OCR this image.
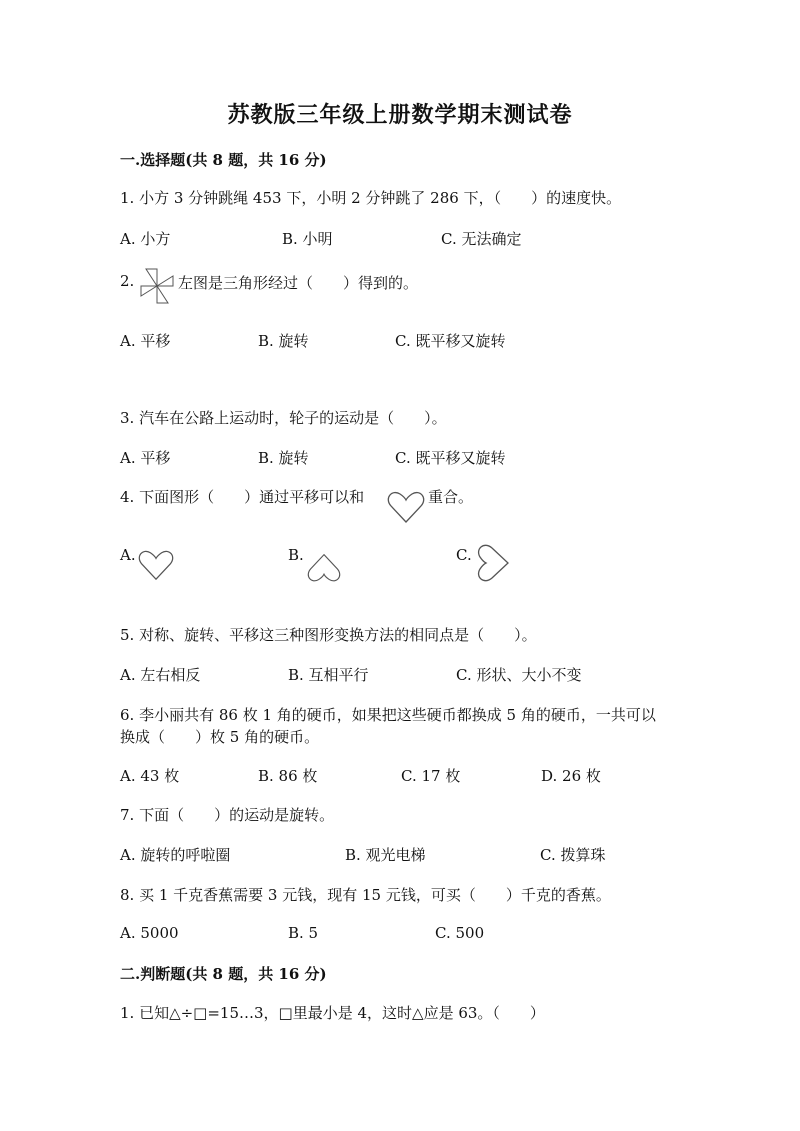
苏教版三年级上册数学期末测试卷
一.选择题(共 8 题，共 16 分)
1. 小方 3 分钟跳绳 453 下，小明 2 分钟跳了 286 下，（　　）的速度快。
A. 小方	B. 小明	C. 无法确定
2.	左图是三角形经过（　　）得到的。
A. 平移	B. 旋转	C. 既平移又旋转
3. 汽车在公路上运动时，轮子的运动是（　　）。
A. 平移	B. 旋转	C. 既平移又旋转
4. 下面图形（　　）通过平移可以和	重合。
A.	B.	C.
5. 对称、旋转、平移这三种图形变换方法的相同点是（　　）。
A. 左右相反	B. 互相平行	C. 形状、大小不变
6. 李小丽共有 86 枚 1 角的硬币，如果把这些硬币都换成 5 角的硬币，一共可以
换成（　　）枚 5 角的硬币。
A. 43 枚	B. 86 枚	C. 17 枚	D. 26 枚
7. 下面（　　）的运动是旋转。
A. 旋转的呼啦圈	B. 观光电梯	C. 拨算珠
8. 买 1 千克香蕉需要 3 元钱，现有 15 元钱，可买（　　）千克的香蕉。
A. 5000	B. 5	C. 500
二.判断题(共 8 题，共 16 分)
1. 已知△÷□=15…3，□里最小是 4，这时△应是 63。（　　）
